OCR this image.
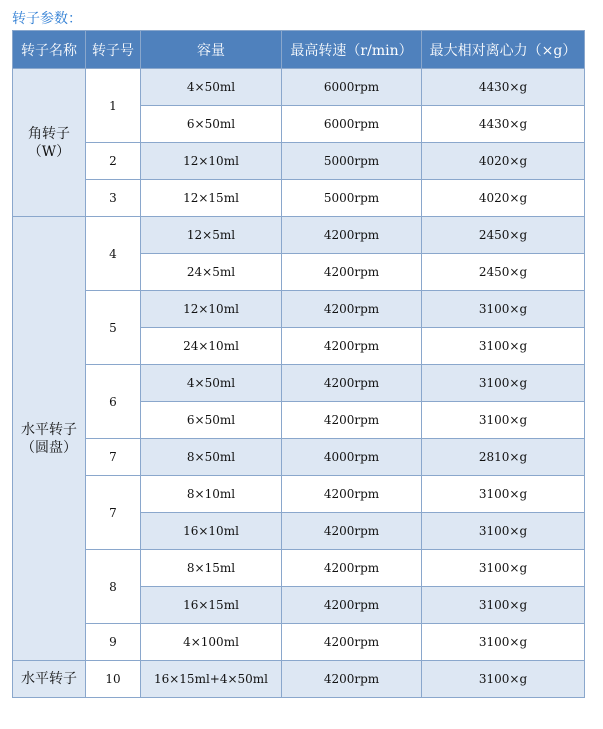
转子参数：
转子名称	转子号	容量	最高转速（r/min）	最大相对离心力（×g）
角转子（W）	1	4×50ml	6000rpm	4430×g
		6×50ml	6000rpm	4430×g
	2	12×10ml	5000rpm	4020×g
	3	12×15ml	5000rpm	4020×g
水平转子（圆盘）	4	12×5ml	4200rpm	2450×g
		24×5ml	4200rpm	2450×g
	5	12×10ml	4200rpm	3100×g
		24×10ml	4200rpm	3100×g
	6	4×50ml	4200rpm	3100×g
		6×50ml	4200rpm	3100×g
	7	8×50ml	4000rpm	2810×g
	7	8×10ml	4200rpm	3100×g
		16×10ml	4200rpm	3100×g
	8	8×15ml	4200rpm	3100×g
		16×15ml	4200rpm	3100×g
	9	4×100ml	4200rpm	3100×g
水平转子	10	16×15ml+4×50ml	4200rpm	3100×g
